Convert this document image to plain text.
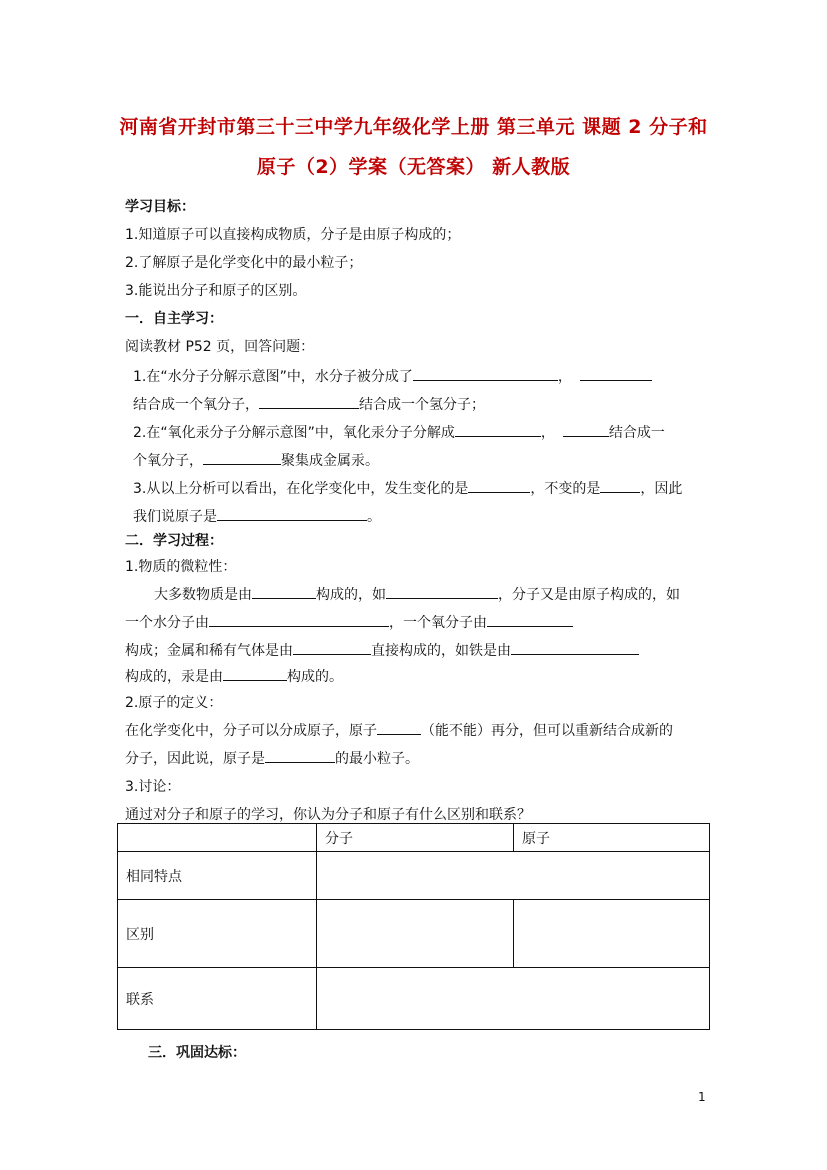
河南省开封市第三十三中学九年级化学上册 第三单元 课题 2 分子和
原子（2）学案（无答案） 新人教版
学习目标：
1.知道原子可以直接构成物质，分子是由原子构成的；
2.了解原子是化学变化中的最小粒子；
3.能说出分子和原子的区别。
一．自主学习：
阅读教材 P52 页，回答问题：
1.在“水分子分解示意图”中，水分子被分成了	，
结合成一个氧分子，	结合成一个氢分子；
2.在“氧化汞分子分解示意图”中，氧化汞分子分解成	，	结合成一
个氧分子，	聚集成金属汞。
3.从以上分析可以看出，在化学变化中，发生变化的是	，不变的是	，因此
我们说原子是	。
二．学习过程：
1.物质的微粒性：
大多数物质是由	构成的，如	，分子又是由原子构成的，如
一个水分子由	，一个氧分子由
构成；金属和稀有气体是由	直接构成的，如铁是由
构成的，汞是由	构成的。
2.原子的定义：
在化学变化中，分子可以分成原子，原子	（能不能）再分，但可以重新结合成新的
分子，因此说，原子是	的最小粒子。
3.讨论：
通过对分子和原子的学习，你认为分子和原子有什么区别和联系？
	分子	原子
相同特点		
区别		
联系		
三．巩固达标：
1
